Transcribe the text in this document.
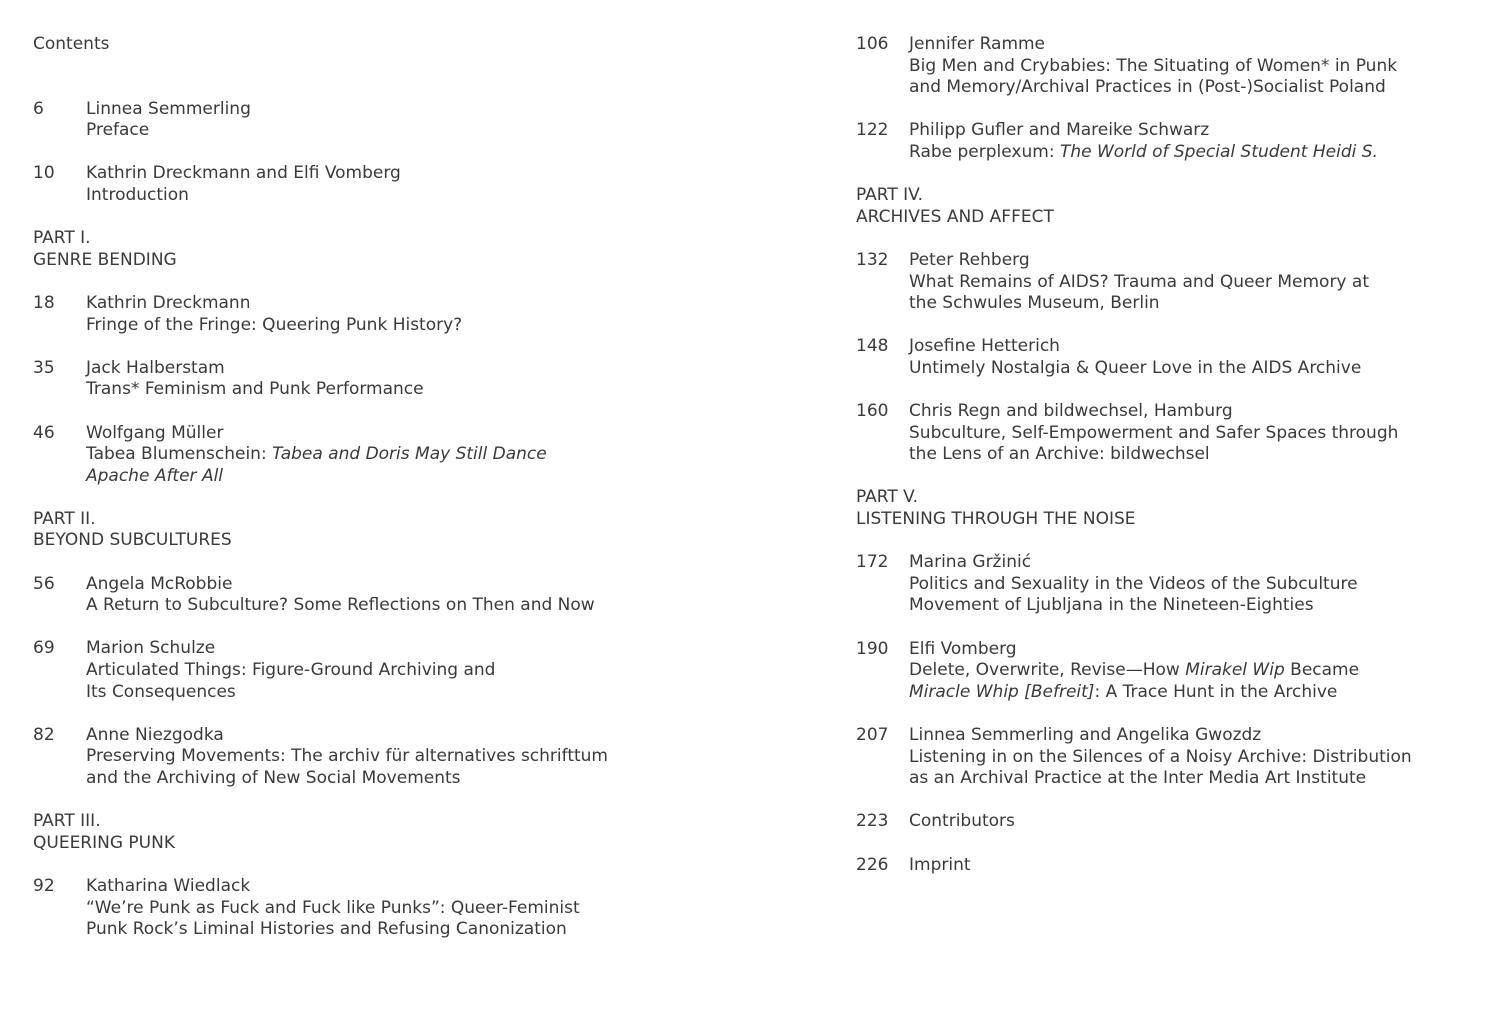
Contents
6	Linnea Semmerling
Preface
10	Kathrin Dreckmann and Elfi Vomberg
Introduction
PART I.
GENRE BENDING
18	Kathrin Dreckmann
Fringe of the Fringe: Queering Punk History?
35	Jack Halberstam
Trans* Feminism and Punk Performance
46	Wolfgang Müller
Tabea Blumenschein: Tabea and Doris May Still Dance
Apache After All
PART II.
BEYOND SUBCULTURES
56	Angela McRobbie
A Return to Subculture? Some Reflections on Then and Now
69	Marion Schulze
Articulated Things: Figure-Ground Archiving and
Its Consequences
82	Anne Niezgodka
Preserving Movements: The archiv für alternatives schrifttum
and the Archiving of New Social Movements
PART III.
QUEERING PUNK
92	Katharina Wiedlack
“We’re Punk as Fuck and Fuck like Punks”: Queer-Feminist
Punk Rock’s Liminal Histories and Refusing Canonization
106	Jennifer Ramme
Big Men and Crybabies: The Situating of Women* in Punk
and Memory/Archival Practices in (Post-)Socialist Poland
122	Philipp Gufler and Mareike Schwarz
Rabe perplexum: The World of Special Student Heidi S.
PART IV.
ARCHIVES AND AFFECT
132	Peter Rehberg
What Remains of AIDS? Trauma and Queer Memory at
the Schwules Museum, Berlin
148	Josefine Hetterich
Untimely Nostalgia & Queer Love in the AIDS Archive
160	Chris Regn and bildwechsel, Hamburg
Subculture, Self-Empowerment and Safer Spaces through
the Lens of an Archive: bildwechsel
PART V.
LISTENING THROUGH THE NOISE
172	Marina Gržinić
Politics and Sexuality in the Videos of the Subculture
Movement of Ljubljana in the Nineteen-Eighties
190	Elfi Vomberg
Delete, Overwrite, Revise—How Mirakel Wip Became
Miracle Whip [Befreit]: A Trace Hunt in the Archive
207	Linnea Semmerling and Angelika Gwozdz
Listening in on the Silences of a Noisy Archive: Distribution
as an Archival Practice at the Inter Media Art Institute
223	Contributors
226	Imprint
